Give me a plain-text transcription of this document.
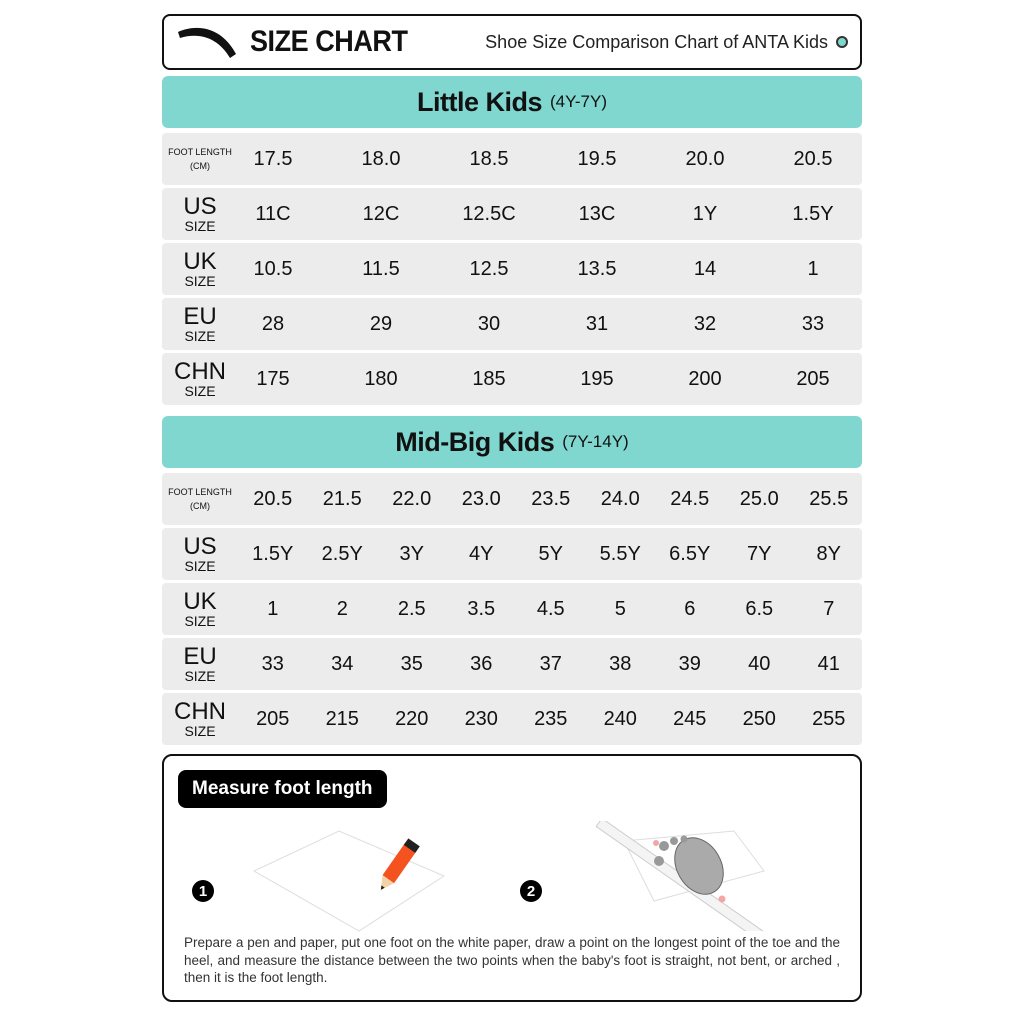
SIZE CHART	Shoe Size Comparison Chart of ANTA Kids
Little Kids (4Y-7Y)
FOOT LENGTH
(CM)	17.5	18.0	18.5	19.5	20.0	20.5
US
SIZE
11C	12C	12.5C	13C	1Y	1.5Y
UK
SIZE
10.5	11.5	12.5	13.5	14	1
EU
SIZE
28	29	30	31	32	33
CHN
SIZE
175	180	185	195	200	205
Mid-Big Kids (7Y-14Y)
FOOT LENGTH
(CM)	20.5	21.5	22.0	23.0	23.5	24.0	24.5	25.0	25.5
US
SIZE
1.5Y	2.5Y	3Y	4Y	5Y	5.5Y	6.5Y	7Y	8Y
UK
SIZE
1	2	2.5	3.5	4.5	5	6	6.5	7
EU
SIZE
33	34	35	36	37	38	39	40	41
CHN
SIZE
205	215	220	230	235	240	245	250	255
Measure foot length
1	2
Prepare a pen and paper, put one foot on the white paper, draw a point on the longest point of the toe and the heel, and measure the distance between the two points when the baby's foot is straight, not bent, or arched , then it is the foot length.
